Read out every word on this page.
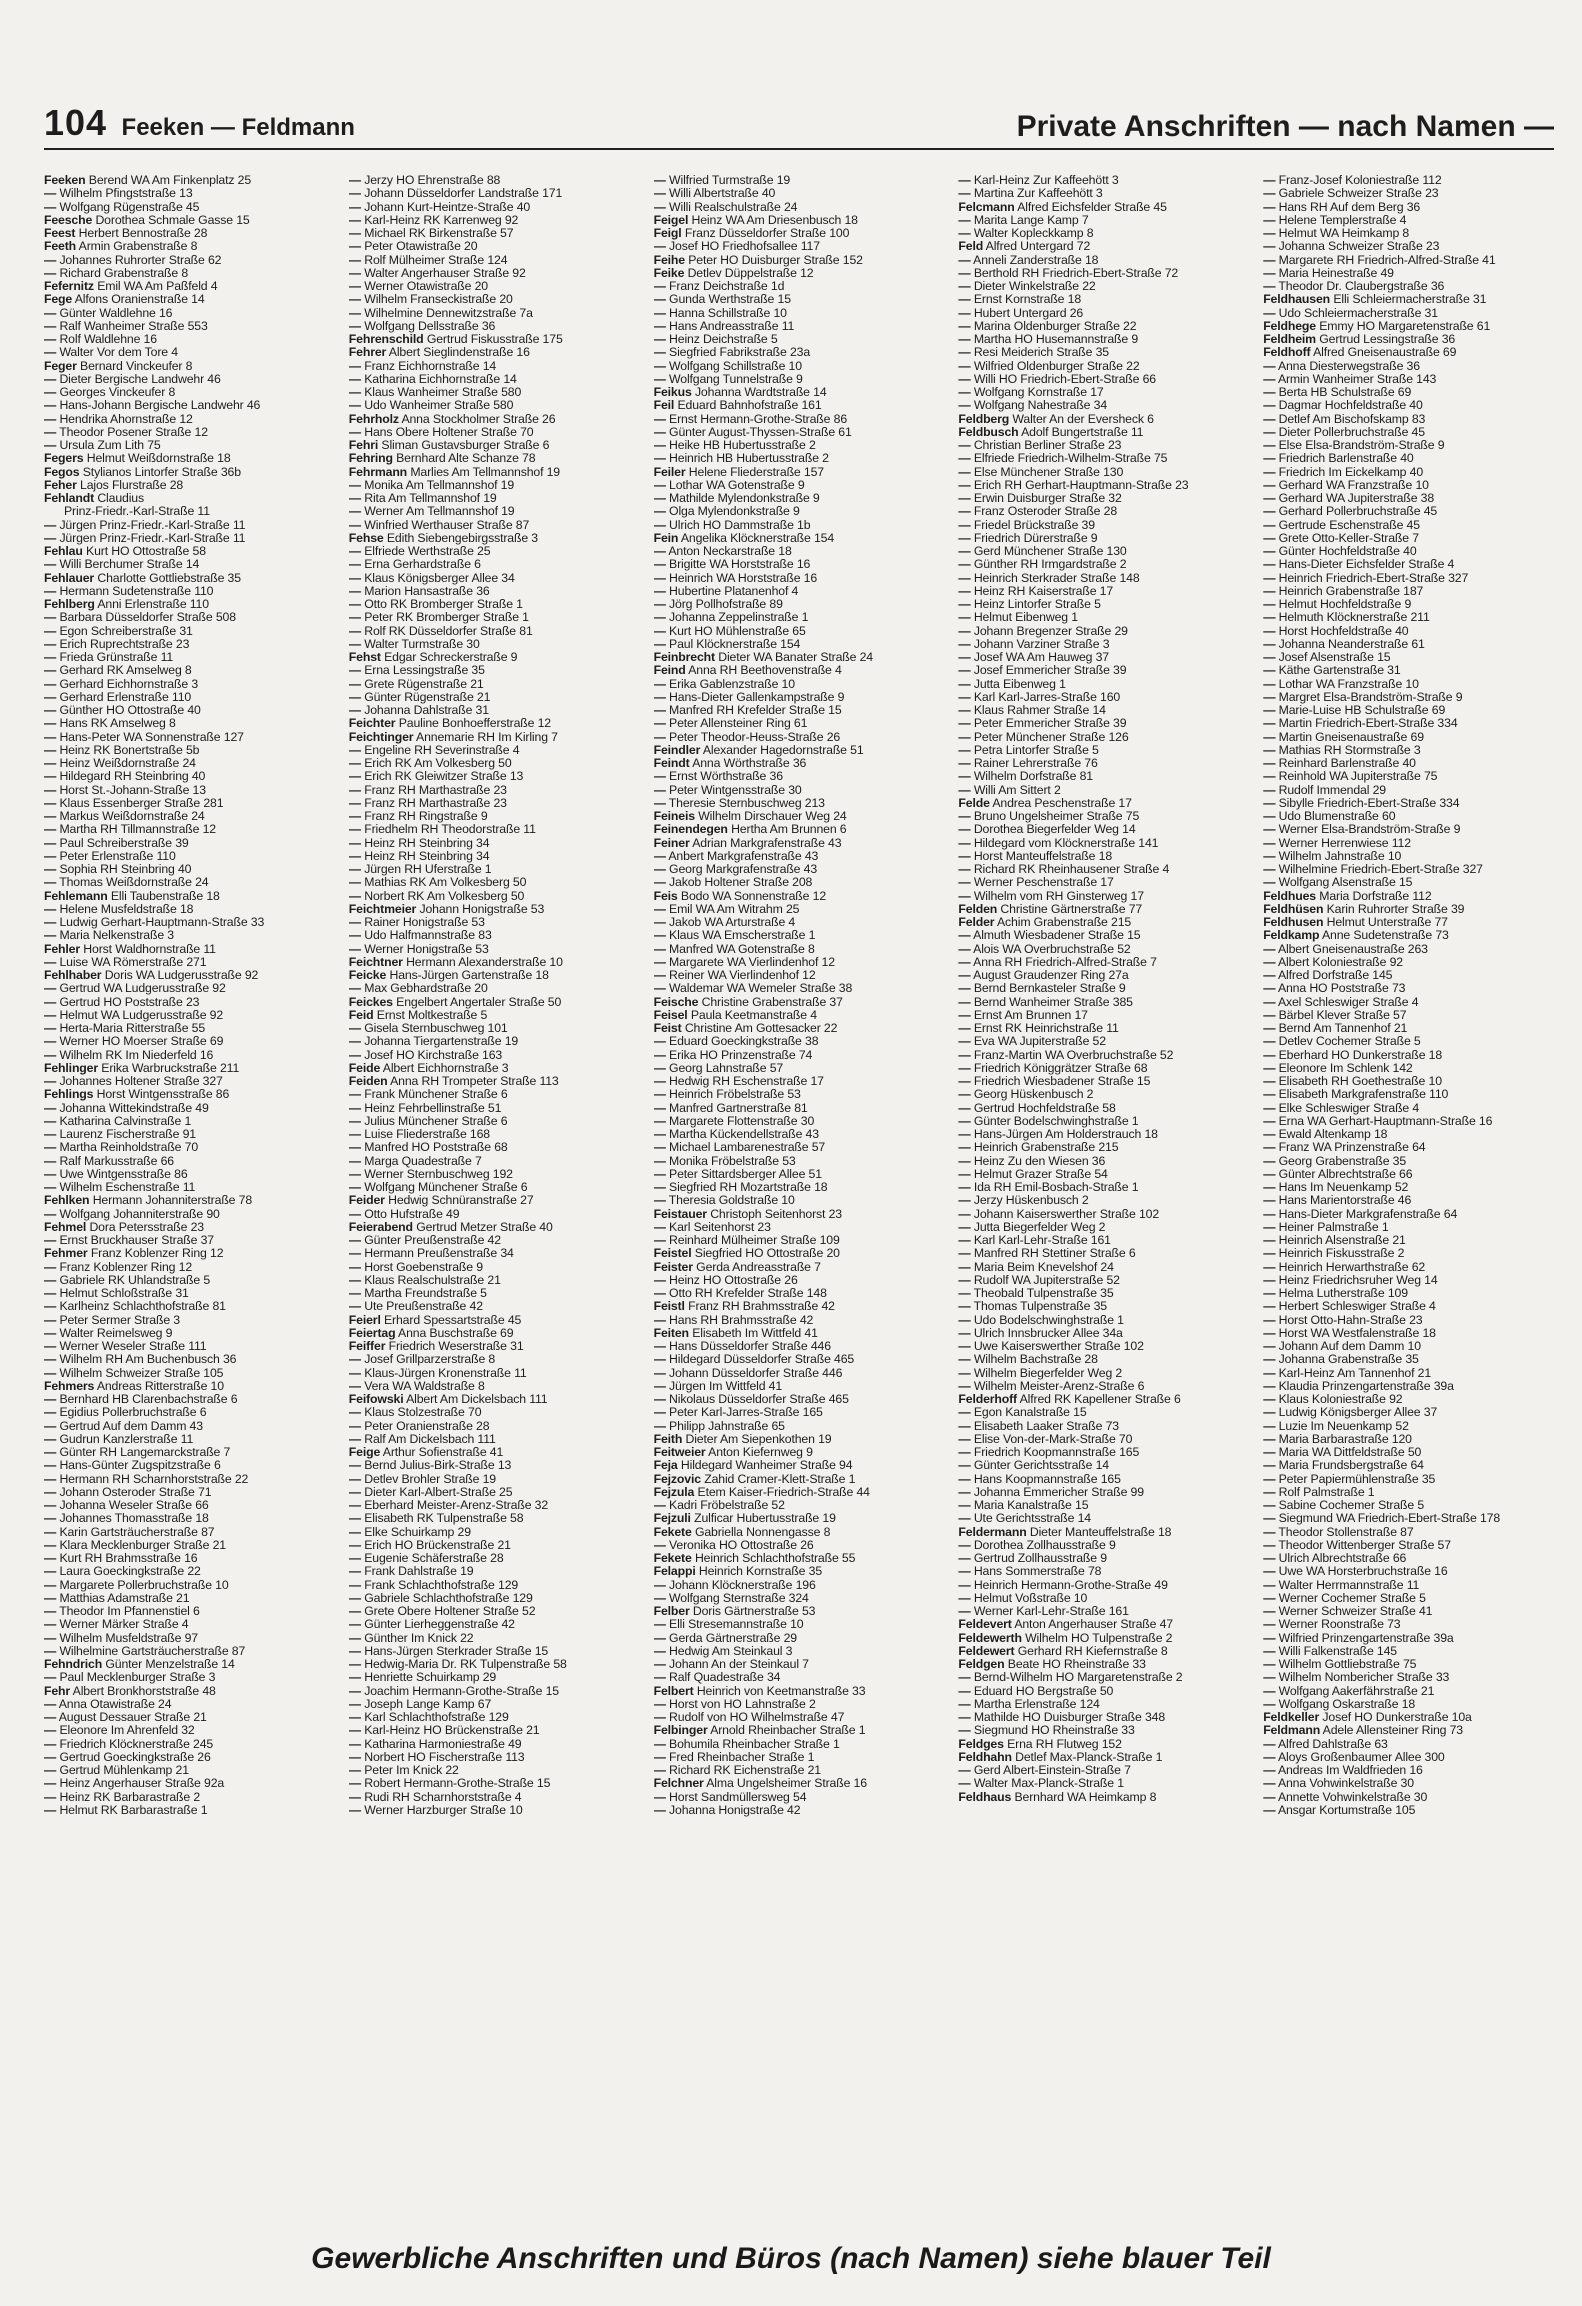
104 Feeken — Feldmann	Private Anschriften — nach Namen —
Feeken Berend WA Am Finkenplatz 25
— Wilhelm Pfingststraße 13
— Wolfgang Rügenstraße 45
Feesche Dorothea Schmale Gasse 15
Feest Herbert Bennostraße 28
Feeth Armin Grabenstraße 8
— Johannes Ruhrorter Straße 62
— Richard Grabenstraße 8
Fefernitz Emil WA Am Paßfeld 4
Fege Alfons Oranienstraße 14
— Günter Waldlehne 16
— Ralf Wanheimer Straße 553
— Rolf Waldlehne 16
— Walter Vor dem Tore 4
Feger Bernard Vinckeufer 8
— Dieter Bergische Landwehr 46
— Georges Vinckeufer 8
— Hans-Johann Bergische Landwehr 46
— Hendrika Ahornstraße 12
— Theodor Posener Straße 12
— Ursula Zum Lith 75
Fegers Helmut Weißdornstraße 18
Fegos Stylianos Lintorfer Straße 36b
Feher Lajos Flurstraße 28
Fehlandt Claudius
Prinz-Friedr.-Karl-Straße 11
— Jürgen Prinz-Friedr.-Karl-Straße 11
— Jürgen Prinz-Friedr.-Karl-Straße 11
Fehlau Kurt HO Ottostraße 58
— Willi Berchumer Straße 14
Fehlauer Charlotte Gottliebstraße 35
— Hermann Sudetenstraße 110
Fehlberg Anni Erlenstraße 110
— Barbara Düsseldorfer Straße 508
— Egon Schreiberstraße 31
— Erich Ruprechtstraße 23
— Frieda Grünstraße 11
— Gerhard RK Amselweg 8
— Gerhard Eichhornstraße 3
— Gerhard Erlenstraße 110
— Günther HO Ottostraße 40
— Hans RK Amselweg 8
— Hans-Peter WA Sonnenstraße 127
— Heinz RK Bonertstraße 5b
— Heinz Weißdornstraße 24
— Hildegard RH Steinbring 40
— Horst St.-Johann-Straße 13
— Klaus Essenberger Straße 281
— Markus Weißdornstraße 24
— Martha RH Tillmannstraße 12
— Paul Schreiberstraße 39
— Peter Erlenstraße 110
— Sophia RH Steinbring 40
— Thomas Weißdornstraße 24
Fehlemann Elli Taubenstraße 18
— Helene Musfeldstraße 18
— Ludwig Gerhart-Hauptmann-Straße 33
— Maria Nelkenstraße 3
Fehler Horst Waldhornstraße 11
— Luise WA Römerstraße 271
Fehlhaber Doris WA Ludgerusstraße 92
— Gertrud WA Ludgerusstraße 92
— Gertrud HO Poststraße 23
— Helmut WA Ludgerusstraße 92
— Herta-Maria Ritterstraße 55
— Werner HO Moerser Straße 69
— Wilhelm RK Im Niederfeld 16
Fehlinger Erika Warbruckstraße 211
— Johannes Holtener Straße 327
Fehlings Horst Wintgensstraße 86
— Johanna Wittekindstraße 49
— Katharina Calvinstraße 1
— Laurenz Fischerstraße 91
— Martha Reinholdstraße 70
— Ralf Markusstraße 66
— Uwe Wintgensstraße 86
— Wilhelm Eschenstraße 11
Fehlken Hermann Johanniterstraße 78
— Wolfgang Johanniterstraße 90
Fehmel Dora Petersstraße 23
— Ernst Bruckhauser Straße 37
Fehmer Franz Koblenzer Ring 12
— Franz Koblenzer Ring 12
— Gabriele RK Uhlandstraße 5
— Helmut Schloßstraße 31
— Karlheinz Schlachthofstraße 81
— Peter Sermer Straße 3
— Walter Reimelsweg 9
— Werner Weseler Straße 111
— Wilhelm RH Am Buchenbusch 36
— Wilhelm Schweizer Straße 105
Fehmers Andreas Ritterstraße 10
— Bernhard HB Clarenbachstraße 6
— Egidius Pollerbruchstraße 6
— Gertrud Auf dem Damm 43
— Gudrun Kanzlerstraße 11
— Günter RH Langemarckstraße 7
— Hans-Günter Zugspitzstraße 6
— Hermann RH Scharnhorststraße 22
— Johann Osteroder Straße 71
— Johanna Weseler Straße 66
— Johannes Thomasstraße 18
— Karin Gartsträucherstraße 87
— Klara Mecklenburger Straße 21
— Kurt RH Brahmsstraße 16
— Laura Goeckingkstraße 22
— Margarete Pollerbruchstraße 10
— Matthias Adamstraße 21
— Theodor Im Pfannenstiel 6
— Werner Märker Straße 4
— Wilhelm Musfeldstraße 97
— Wilhelmine Gartsträucherstraße 87
Fehndrich Günter Menzelstraße 14
— Paul Mecklenburger Straße 3
Fehr Albert Bronkhorststraße 48
— Anna Otawistraße 24
— August Dessauer Straße 21
— Eleonore Im Ahrenfeld 32
— Friedrich Klöcknerstraße 245
— Gertrud Goeckingkstraße 26
— Gertrud Mühlenkamp 21
— Heinz Angerhauser Straße 92a
— Heinz RK Barbarastraße 2
— Helmut RK Barbarastraße 1
— Jerzy HO Ehrenstraße 88
— Johann Düsseldorfer Landstraße 171
— Johann Kurt-Heintze-Straße 40
— Karl-Heinz RK Karrenweg 92
— Michael RK Birkenstraße 57
— Peter Otawistraße 20
— Rolf Mülheimer Straße 124
— Walter Angerhauser Straße 92
— Werner Otawistraße 20
— Wilhelm Franseckistraße 20
— Wilhelmine Dennewitzstraße 7a
— Wolfgang Dellsstraße 36
Fehrenschild Gertrud Fiskusstraße 175
Fehrer Albert Sieglindenstraße 16
— Franz Eichhornstraße 14
— Katharina Eichhornstraße 14
— Klaus Wanheimer Straße 580
— Udo Wanheimer Straße 580
Fehrholz Anna Stockholmer Straße 26
— Hans Obere Holtener Straße 70
Fehri Sliman Gustavsburger Straße 6
Fehring Bernhard Alte Schanze 78
Fehrmann Marlies Am Tellmannshof 19
— Monika Am Tellmannshof 19
— Rita Am Tellmannshof 19
— Werner Am Tellmannshof 19
— Winfried Werthauser Straße 87
Fehse Edith Siebengebirgsstraße 3
— Elfriede Werthstraße 25
— Erna Gerhardstraße 6
— Klaus Königsberger Allee 34
— Marion Hansastraße 36
— Otto RK Bromberger Straße 1
— Peter RK Bromberger Straße 1
— Rolf RK Düsseldorfer Straße 81
— Walter Turmstraße 30
Fehst Edgar Schreckerstraße 9
— Erna Lessingstraße 35
— Grete Rügenstraße 21
— Günter Rügenstraße 21
— Johanna Dahlstraße 31
Feichter Pauline Bonhoefferstraße 12
Feichtinger Annemarie RH Im Kirling 7
— Engeline RH Severinstraße 4
— Erich RK Am Volkesberg 50
— Erich RK Gleiwitzer Straße 13
— Franz RH Marthastraße 23
— Franz RH Marthastraße 23
— Franz RH Ringstraße 9
— Friedhelm RH Theodorstraße 11
— Heinz RH Steinbring 34
— Heinz RH Steinbring 34
— Jürgen RH Uferstraße 1
— Mathias RK Am Volkesberg 50
— Norbert RK Am Volkesberg 50
Feichtmeier Johann Honigstraße 53
— Rainer Honigstraße 53
— Udo Halfmannstraße 83
— Werner Honigstraße 53
Feichtner Hermann Alexanderstraße 10
Feicke Hans-Jürgen Gartenstraße 18
— Max Gebhardstraße 20
Feickes Engelbert Angertaler Straße 50
Feid Ernst Moltkestraße 5
— Gisela Sternbuschweg 101
— Johanna Tiergartenstraße 19
— Josef HO Kirchstraße 163
Feide Albert Eichhornstraße 3
Feiden Anna RH Trompeter Straße 113
— Frank Münchener Straße 6
— Heinz Fehrbellinstraße 51
— Julius Münchener Straße 6
— Luise Fliederstraße 168
— Manfred HO Poststraße 68
— Marga Quadestraße 7
— Werner Sternbuschweg 192
— Wolfgang Münchener Straße 6
Feider Hedwig Schnüranstraße 27
— Otto Hufstraße 49
Feierabend Gertrud Metzer Straße 40
— Günter Preußenstraße 42
— Hermann Preußenstraße 34
— Horst Goebenstraße 9
— Klaus Realschulstraße 21
— Martha Freundstraße 5
— Ute Preußenstraße 42
Feierl Erhard Spessartstraße 45
Feiertag Anna Buschstraße 69
Feiffer Friedrich Weserstraße 31
— Josef Grillparzerstraße 8
— Klaus-Jürgen Kronenstraße 11
— Vera WA Waldstraße 8
Feifowski Albert Am Dickelsbach 111
— Klaus Stolzestraße 70
— Peter Oranienstraße 28
— Ralf Am Dickelsbach 111
Feige Arthur Sofienstraße 41
— Bernd Julius-Birk-Straße 13
— Detlev Brohler Straße 19
— Dieter Karl-Albert-Straße 25
— Eberhard Meister-Arenz-Straße 32
— Elisabeth RK Tulpenstraße 58
— Elke Schuirkamp 29
— Erich HO Brückenstraße 21
— Eugenie Schäferstraße 28
— Frank Dahlstraße 19
— Frank Schlachthofstraße 129
— Gabriele Schlachthofstraße 129
— Grete Obere Holtener Straße 52
— Günter Lierheggenstraße 42
— Günther Im Knick 22
— Hans-Jürgen Sterkrader Straße 15
— Hedwig-Maria Dr. RK Tulpenstraße 58
— Henriette Schuirkamp 29
— Joachim Hermann-Grothe-Straße 15
— Joseph Lange Kamp 67
— Karl Schlachthofstraße 129
— Karl-Heinz HO Brückenstraße 21
— Katharina Harmoniestraße 49
— Norbert HO Fischerstraße 113
— Peter Im Knick 22
— Robert Hermann-Grothe-Straße 15
— Rudi RH Scharnhorststraße 4
— Werner Harzburger Straße 10
— Wilfried Turmstraße 19
— Willi Albertstraße 40
— Willi Realschulstraße 24
Feigel Heinz WA Am Driesenbusch 18
Feigl Franz Düsseldorfer Straße 100
— Josef HO Friedhofsallee 117
Feihe Peter HO Duisburger Straße 152
Feike Detlev Düppelstraße 12
— Franz Deichstraße 1d
— Gunda Werthstraße 15
— Hanna Schillstraße 10
— Hans Andreasstraße 11
— Heinz Deichstraße 5
— Siegfried Fabrikstraße 23a
— Wolfgang Schillstraße 10
— Wolfgang Tunnelstraße 9
Feikus Johanna Wardtstraße 14
Feil Eduard Bahnhofstraße 161
— Ernst Hermann-Grothe-Straße 86
— Günter August-Thyssen-Straße 61
— Heike HB Hubertusstraße 2
— Heinrich HB Hubertusstraße 2
Feiler Helene Fliederstraße 157
— Lothar WA Gotenstraße 9
— Mathilde Mylendonkstraße 9
— Olga Mylendonkstraße 9
— Ulrich HO Dammstraße 1b
Fein Angelika Klöcknerstraße 154
— Anton Neckarstraße 18
— Brigitte WA Horststraße 16
— Heinrich WA Horststraße 16
— Hubertine Platanenhof 4
— Jörg Pollhofstraße 89
— Johanna Zeppelinstraße 1
— Kurt HO Mühlenstraße 65
— Paul Klöcknerstraße 154
Feinbrecht Dieter WA Banater Straße 24
Feind Anna RH Beethovenstraße 4
— Erika Gablenzstraße 10
— Hans-Dieter Gallenkampstraße 9
— Manfred RH Krefelder Straße 15
— Peter Allensteiner Ring 61
— Peter Theodor-Heuss-Straße 26
Feindler Alexander Hagedornstraße 51
Feindt Anna Wörthstraße 36
— Ernst Wörthstraße 36
— Peter Wintgensstraße 30
— Theresie Sternbuschweg 213
Feineis Wilhelm Dirschauer Weg 24
Feinendegen Hertha Am Brunnen 6
Feiner Adrian Markgrafenstraße 43
— Anbert Markgrafenstraße 43
— Georg Markgrafenstraße 43
— Jakob Holtener Straße 208
Feis Bodo WA Sonnenstraße 12
— Emil WA Am Witrahm 25
— Jakob WA Arturstraße 4
— Klaus WA Emscherstraße 1
— Manfred WA Gotenstraße 8
— Margarete WA Vierlindenhof 12
— Reiner WA Vierlindenhof 12
— Waldemar WA Wemeler Straße 38
Feische Christine Grabenstraße 37
Feisel Paula Keetmanstraße 4
Feist Christine Am Gottesacker 22
— Eduard Goeckingkstraße 38
— Erika HO Prinzenstraße 74
— Georg Lahnstraße 57
— Hedwig RH Eschenstraße 17
— Heinrich Fröbelstraße 53
— Manfred Gartnerstraße 81
— Margarete Flottenstraße 30
— Martha Kückendellstraße 43
— Michael Lambarenestraße 57
— Monika Fröbelstraße 53
— Peter Sittardsberger Allee 51
— Siegfried RH Mozartstraße 18
— Theresia Goldstraße 10
Feistauer Christoph Seitenhorst 23
— Karl Seitenhorst 23
— Reinhard Mülheimer Straße 109
Feistel Siegfried HO Ottostraße 20
Feister Gerda Andreasstraße 7
— Heinz HO Ottostraße 26
— Otto RH Krefelder Straße 148
Feistl Franz RH Brahmsstraße 42
— Hans RH Brahmsstraße 42
Feiten Elisabeth Im Wittfeld 41
— Hans Düsseldorfer Straße 446
— Hildegard Düsseldorfer Straße 465
— Johann Düsseldorfer Straße 446
— Jürgen Im Wittfeld 41
— Nikolaus Düsseldorfer Straße 465
— Peter Karl-Jarres-Straße 165
— Philipp Jahnstraße 65
Feith Dieter Am Siepenkothen 19
Feitweier Anton Kiefernweg 9
Feja Hildegard Wanheimer Straße 94
Fejzovic Zahid Cramer-Klett-Straße 1
Fejzula Etem Kaiser-Friedrich-Straße 44
— Kadri Fröbelstraße 52
Fejzuli Zulficar Hubertusstraße 19
Fekete Gabriella Nonnengasse 8
— Veronika HO Ottostraße 26
Fekete Heinrich Schlachthofstraße 55
Felappi Heinrich Kornstraße 35
— Johann Klöcknerstraße 196
— Wolfgang Sternstraße 324
Felber Doris Gärtnerstraße 53
— Elli Stresemannstraße 10
— Gerda Gärtnerstraße 29
— Hedwig Am Steinkaul 3
— Johann An der Steinkaul 7
— Ralf Quadestraße 34
Felbert Heinrich von Keetmanstraße 33
— Horst von HO Lahnstraße 2
— Rudolf von HO Wilhelmstraße 47
Felbinger Arnold Rheinbacher Straße 1
— Bohumila Rheinbacher Straße 1
— Fred Rheinbacher Straße 1
— Richard RK Eichenstraße 21
Felchner Alma Ungelsheimer Straße 16
— Horst Sandmüllersweg 54
— Johanna Honigstraße 42
— Karl-Heinz Zur Kaffeehött 3
— Martina Zur Kaffeehött 3
Felcmann Alfred Eichsfelder Straße 45
— Marita Lange Kamp 7
— Walter Kopleckkamp 8
Feld Alfred Untergard 72
— Anneli Zanderstraße 18
— Berthold RH Friedrich-Ebert-Straße 72
— Dieter Winkelstraße 22
— Ernst Kornstraße 18
— Hubert Untergard 26
— Marina Oldenburger Straße 22
— Martha HO Husemannstraße 9
— Resi Meiderich Straße 35
— Wilfried Oldenburger Straße 22
— Willi HO Friedrich-Ebert-Straße 66
— Wolfgang Kornstraße 17
— Wolfgang Nahestraße 34
Feldberg Walter An der Eversheck 6
Feldbusch Adolf Bungertstraße 11
— Christian Berliner Straße 23
— Elfriede Friedrich-Wilhelm-Straße 75
— Else Münchener Straße 130
— Erich RH Gerhart-Hauptmann-Straße 23
— Erwin Duisburger Straße 32
— Franz Osteroder Straße 28
— Friedel Brückstraße 39
— Friedrich Dürerstraße 9
— Gerd Münchener Straße 130
— Günther RH Irmgardstraße 2
— Heinrich Sterkrader Straße 148
— Heinz RH Kaiserstraße 17
— Heinz Lintorfer Straße 5
— Helmut Eibenweg 1
— Johann Bregenzer Straße 29
— Johann Varziner Straße 3
— Josef WA Am Hauweg 37
— Josef Emmericher Straße 39
— Jutta Eibenweg 1
— Karl Karl-Jarres-Straße 160
— Klaus Rahmer Straße 14
— Peter Emmericher Straße 39
— Peter Münchener Straße 126
— Petra Lintorfer Straße 5
— Rainer Lehrerstraße 76
— Wilhelm Dorfstraße 81
— Willi Am Sittert 2
Felde Andrea Peschenstraße 17
— Bruno Ungelsheimer Straße 75
— Dorothea Biegerfelder Weg 14
— Hildegard vom Klöcknerstraße 141
— Horst Manteuffelstraße 18
— Richard RK Rheinhausener Straße 4
— Werner Peschenstraße 17
— Wilhelm vom RH Ginsterweg 17
Felden Christine Gärtnerstraße 77
Felder Achim Grabenstraße 215
— Almuth Wiesbadener Straße 15
— Alois WA Overbruchstraße 52
— Anna RH Friedrich-Alfred-Straße 7
— August Graudenzer Ring 27a
— Bernd Bernkasteler Straße 9
— Bernd Wanheimer Straße 385
— Ernst Am Brunnen 17
— Ernst RK Heinrichstraße 11
— Eva WA Jupiterstraße 52
— Franz-Martin WA Overbruchstraße 52
— Friedrich Königgrätzer Straße 68
— Friedrich Wiesbadener Straße 15
— Georg Hüskenbusch 2
— Gertrud Hochfeldstraße 58
— Günter Bodelschwinghstraße 1
— Hans-Jürgen Am Holderstrauch 18
— Heinrich Grabenstraße 215
— Heinz Zu den Wiesen 36
— Helmut Grazer Straße 54
— Ida RH Emil-Bosbach-Straße 1
— Jerzy Hüskenbusch 2
— Johann Kaiserswerther Straße 102
— Jutta Biegerfelder Weg 2
— Karl Karl-Lehr-Straße 161
— Manfred RH Stettiner Straße 6
— Maria Beim Knevelshof 24
— Rudolf WA Jupiterstraße 52
— Theobald Tulpenstraße 35
— Thomas Tulpenstraße 35
— Udo Bodelschwinghstraße 1
— Ulrich Innsbrucker Allee 34a
— Uwe Kaiserswerther Straße 102
— Wilhelm Bachstraße 28
— Wilhelm Biegerfelder Weg 2
— Wilhelm Meister-Arenz-Straße 6
Felderhoff Alfred RK Kapellener Straße 6
— Egon Kanalstraße 15
— Elisabeth Laaker Straße 73
— Elise Von-der-Mark-Straße 70
— Friedrich Koopmannstraße 165
— Günter Gerichtsstraße 14
— Hans Koopmannstraße 165
— Johanna Emmericher Straße 99
— Maria Kanalstraße 15
— Ute Gerichtsstraße 14
Feldermann Dieter Manteuffelstraße 18
— Dorothea Zollhausstraße 9
— Gertrud Zollhausstraße 9
— Hans Sommerstraße 78
— Heinrich Hermann-Grothe-Straße 49
— Helmut Voßstraße 10
— Werner Karl-Lehr-Straße 161
Feldevert Anton Angerhauser Straße 47
Feldewerth Wilhelm HO Tulpenstraße 2
Feldewert Gerhard RH Kiefernstraße 8
Feldgen Beate HO Rheinstraße 33
— Bernd-Wilhelm HO Margaretenstraße 2
— Eduard HO Bergstraße 50
— Martha Erlenstraße 124
— Mathilde HO Duisburger Straße 348
— Siegmund HO Rheinstraße 33
Feldges Erna RH Flutweg 152
Feldhahn Detlef Max-Planck-Straße 1
— Gerd Albert-Einstein-Straße 7
— Walter Max-Planck-Straße 1
Feldhaus Bernhard WA Heimkamp 8
— Franz-Josef Koloniestraße 112
— Gabriele Schweizer Straße 23
— Hans RH Auf dem Berg 36
— Helene Templerstraße 4
— Helmut WA Heimkamp 8
— Johanna Schweizer Straße 23
— Margarete RH Friedrich-Alfred-Straße 41
— Maria Heinestraße 49
— Theodor Dr. Claubergstraße 36
Feldhausen Elli Schleiermacherstraße 31
— Udo Schleiermacherstraße 31
Feldhege Emmy HO Margaretenstraße 61
Feldheim Gertrud Lessingstraße 36
Feldhoff Alfred Gneisenaustraße 69
— Anna Diesterwegstraße 36
— Armin Wanheimer Straße 143
— Berta HB Schulstraße 69
— Dagmar Hochfeldstraße 40
— Detlef Am Bischofskamp 83
— Dieter Pollerbruchstraße 45
— Else Elsa-Brandström-Straße 9
— Friedrich Barlenstraße 40
— Friedrich Im Eickelkamp 40
— Gerhard WA Franzstraße 10
— Gerhard WA Jupiterstraße 38
— Gerhard Pollerbruchstraße 45
— Gertrude Eschenstraße 45
— Grete Otto-Keller-Straße 7
— Günter Hochfeldstraße 40
— Hans-Dieter Eichsfelder Straße 4
— Heinrich Friedrich-Ebert-Straße 327
— Heinrich Grabenstraße 187
— Helmut Hochfeldstraße 9
— Helmuth Klöcknerstraße 211
— Horst Hochfeldstraße 40
— Johanna Neanderstraße 61
— Josef Alsenstraße 15
— Käthe Gartenstraße 31
— Lothar WA Franzstraße 10
— Margret Elsa-Brandström-Straße 9
— Marie-Luise HB Schulstraße 69
— Martin Friedrich-Ebert-Straße 334
— Martin Gneisenaustraße 69
— Mathias RH Stormstraße 3
— Reinhard Barlenstraße 40
— Reinhold WA Jupiterstraße 75
— Rudolf Immendal 29
— Sibylle Friedrich-Ebert-Straße 334
— Udo Blumenstraße 60
— Werner Elsa-Brandström-Straße 9
— Werner Herrenwiese 112
— Wilhelm Jahnstraße 10
— Wilhelmine Friedrich-Ebert-Straße 327
— Wolfgang Alsenstraße 15
Feldhues Maria Dorfstraße 112
Feldhüsen Karin Ruhrorter Straße 39
Feldhusen Helmut Unterstraße 77
Feldkamp Anne Sudetenstraße 73
— Albert Gneisenaustraße 263
— Albert Koloniestraße 92
— Alfred Dorfstraße 145
— Anna HO Poststraße 73
— Axel Schleswiger Straße 4
— Bärbel Klever Straße 57
— Bernd Am Tannenhof 21
— Detlev Cochemer Straße 5
— Eberhard HO Dunkerstraße 18
— Eleonore Im Schlenk 142
— Elisabeth RH Goethestraße 10
— Elisabeth Markgrafenstraße 110
— Elke Schleswiger Straße 4
— Erna WA Gerhart-Hauptmann-Straße 16
— Ewald Altenkamp 18
— Franz WA Prinzenstraße 64
— Georg Grabenstraße 35
— Günter Albrechtstraße 66
— Hans Im Neuenkamp 52
— Hans Marientorstraße 46
— Hans-Dieter Markgrafenstraße 64
— Heiner Palmstraße 1
— Heinrich Alsenstraße 21
— Heinrich Fiskusstraße 2
— Heinrich Herwarthstraße 62
— Heinz Friedrichsruher Weg 14
— Helma Lutherstraße 109
— Herbert Schleswiger Straße 4
— Horst Otto-Hahn-Straße 23
— Horst WA Westfalenstraße 18
— Johann Auf dem Damm 10
— Johanna Grabenstraße 35
— Karl-Heinz Am Tannenhof 21
— Klaudia Prinzengartenstraße 39a
— Klaus Koloniestraße 92
— Ludwig Königsberger Allee 37
— Luzie Im Neuenkamp 52
— Maria Barbarastraße 120
— Maria WA Dittfeldstraße 50
— Maria Frundsbergstraße 64
— Peter Papiermühlenstraße 35
— Rolf Palmstraße 1
— Sabine Cochemer Straße 5
— Siegmund WA Friedrich-Ebert-Straße 178
— Theodor Stollenstraße 87
— Theodor Wittenberger Straße 57
— Ulrich Albrechtstraße 66
— Uwe WA Horsterbruchstraße 16
— Walter Herrmannstraße 11
— Werner Cochemer Straße 5
— Werner Schweizer Straße 41
— Werner Roonstraße 73
— Wilfried Prinzengartenstraße 39a
— Willi Falkenstraße 145
— Wilhelm Gottliebstraße 75
— Wilhelm Nombericher Straße 33
— Wolfgang Aakerfährstraße 21
— Wolfgang Oskarstraße 18
Feldkeller Josef HO Dunkerstraße 10a
Feldmann Adele Allensteiner Ring 73
— Alfred Dahlstraße 63
— Aloys Großenbaumer Allee 300
— Andreas Im Waldfrieden 16
— Anna Vohwinkelstraße 30
— Annette Vohwinkelstraße 30
— Ansgar Kortumstraße 105
Gewerbliche Anschriften und Büros (nach Namen) siehe blauer Teil
